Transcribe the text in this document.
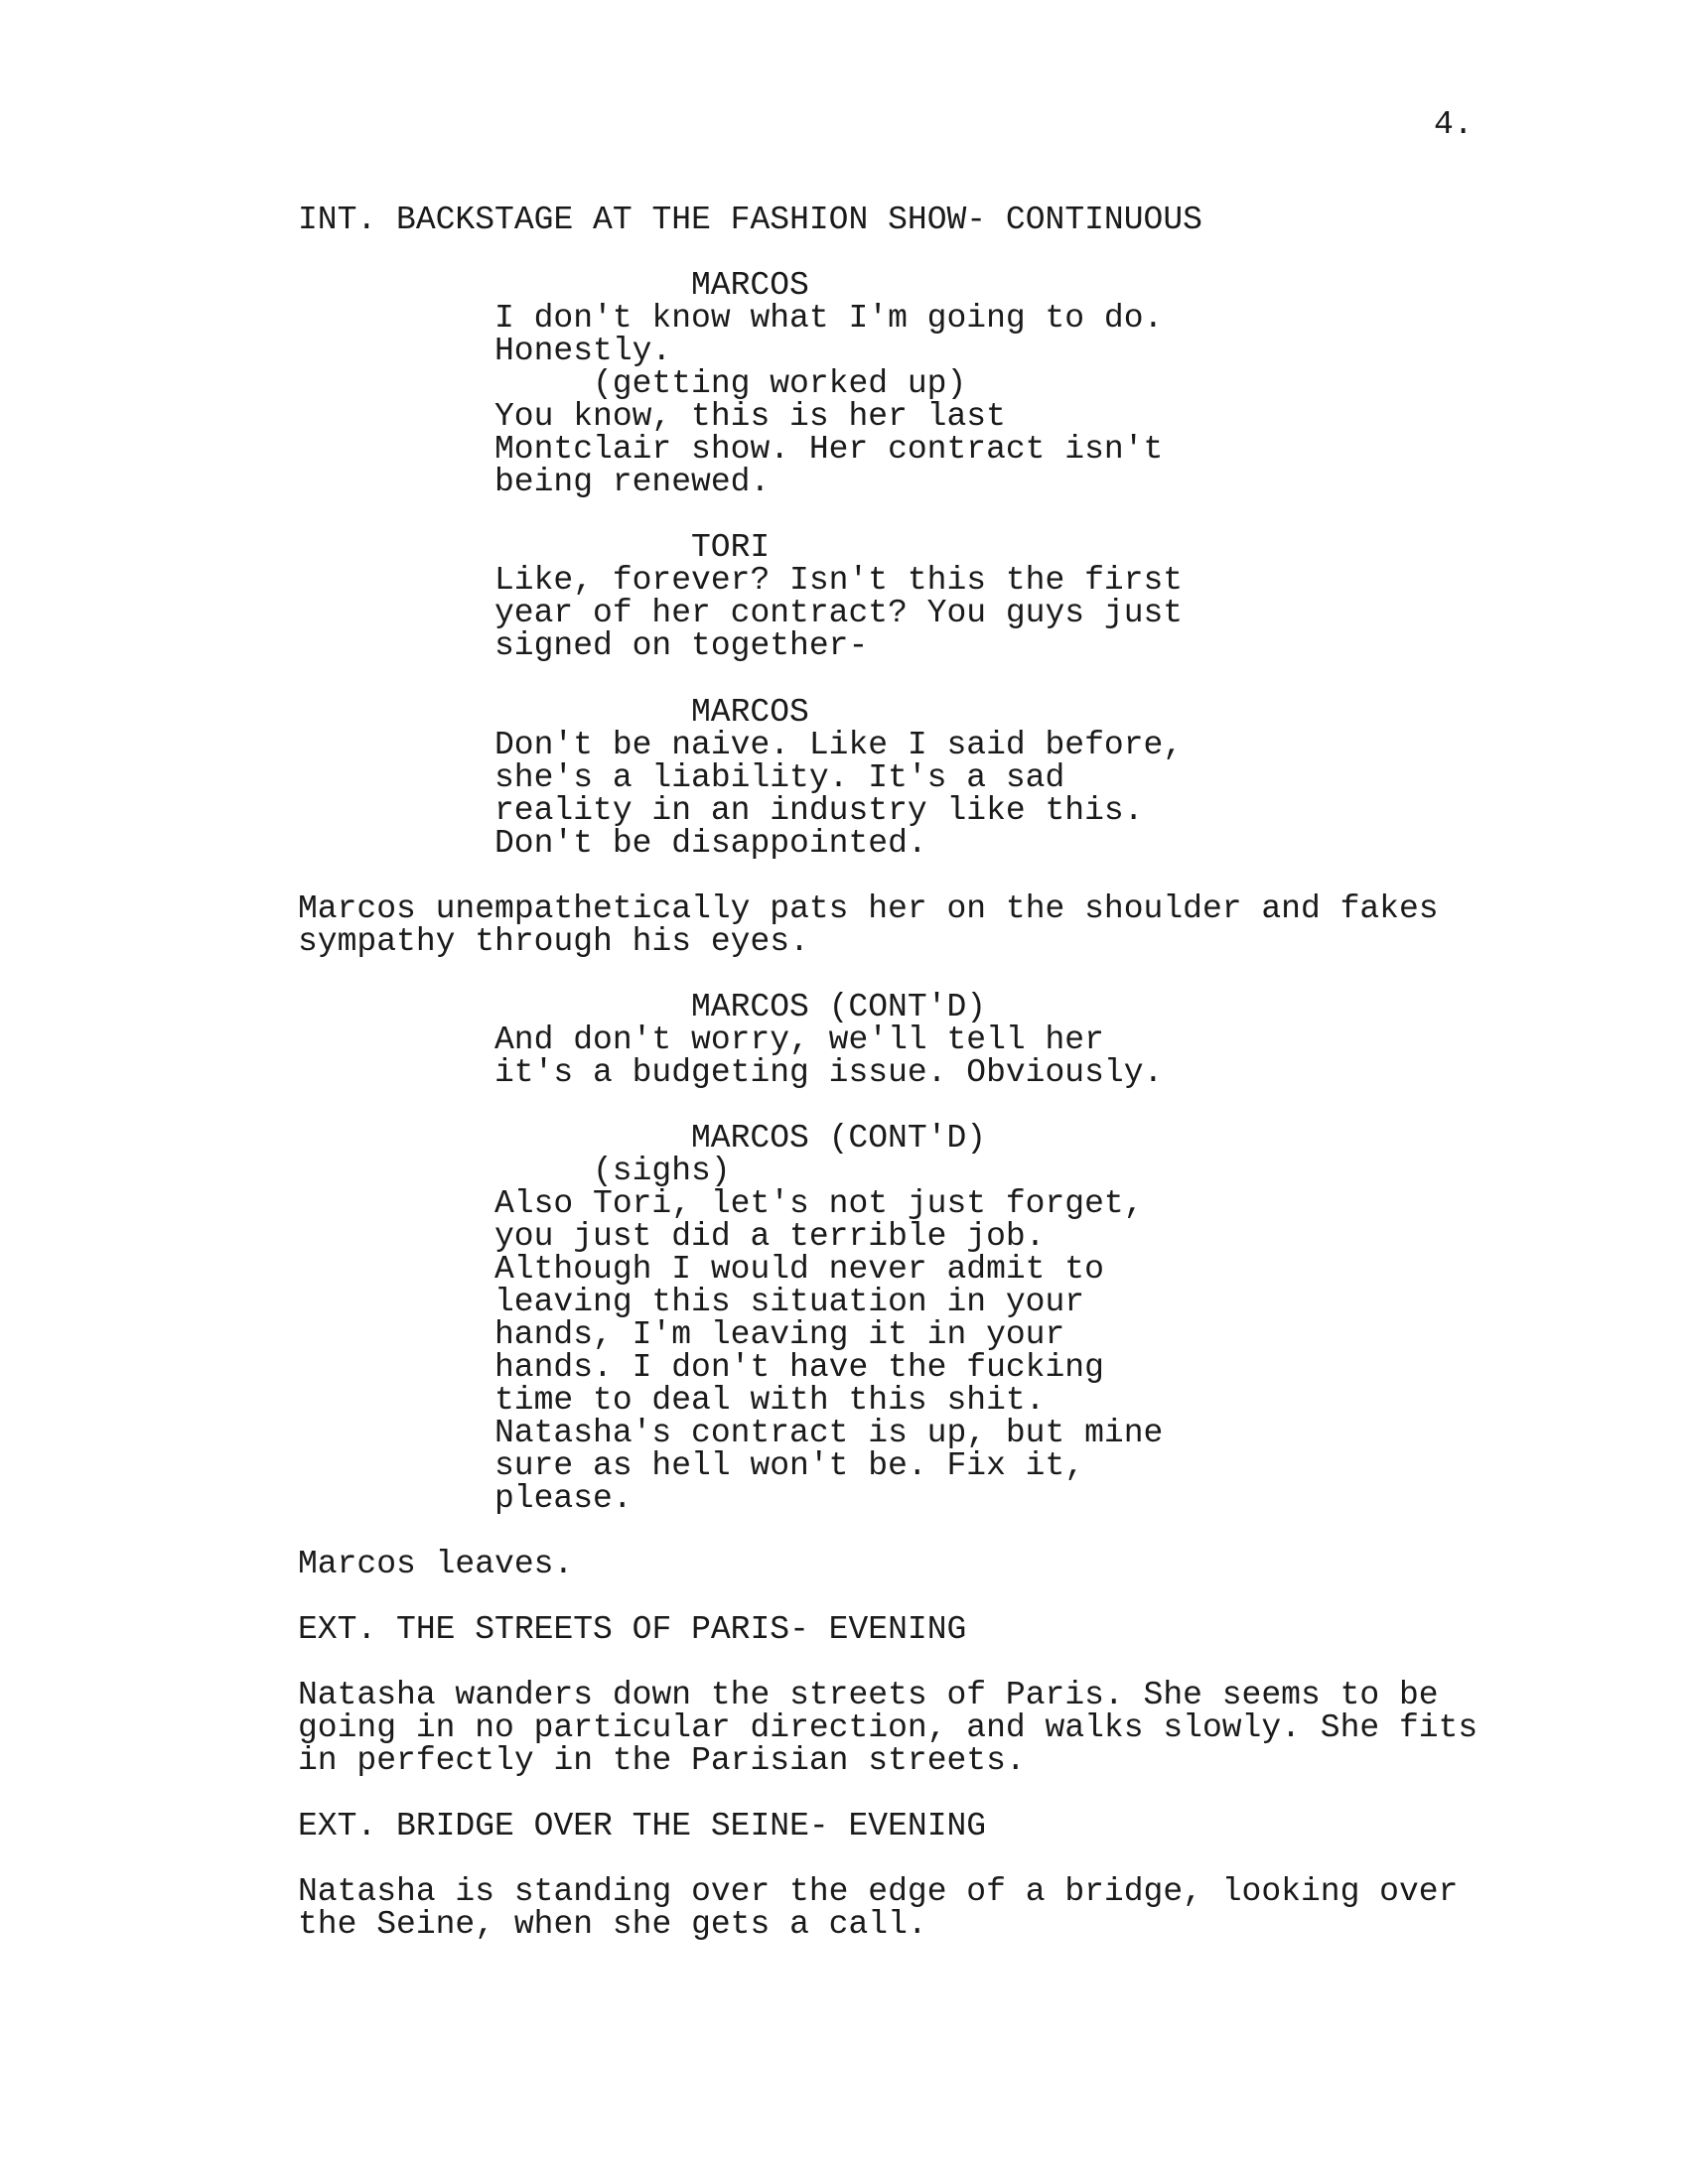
4.
INT. BACKSTAGE AT THE FASHION SHOW- CONTINUOUS
MARCOS
I don't know what I'm going to do.
Honestly.
(getting worked up)
You know, this is her last
Montclair show. Her contract isn't
being renewed.
TORI
Like, forever? Isn't this the first
year of her contract? You guys just
signed on together-
MARCOS
Don't be naive. Like I said before,
she's a liability. It's a sad
reality in an industry like this.
Don't be disappointed.
Marcos unempathetically pats her on the shoulder and fakes
sympathy through his eyes.
MARCOS (CONT'D)
And don't worry, we'll tell her
it's a budgeting issue. Obviously.
MARCOS (CONT'D)
(sighs)
Also Tori, let's not just forget,
you just did a terrible job.
Although I would never admit to
leaving this situation in your
hands, I'm leaving it in your
hands. I don't have the fucking
time to deal with this shit.
Natasha's contract is up, but mine
sure as hell won't be. Fix it,
please.
Marcos leaves.
EXT. THE STREETS OF PARIS- EVENING
Natasha wanders down the streets of Paris. She seems to be
going in no particular direction, and walks slowly. She fits
in perfectly in the Parisian streets.
EXT. BRIDGE OVER THE SEINE- EVENING
Natasha is standing over the edge of a bridge, looking over
the Seine, when she gets a call.
